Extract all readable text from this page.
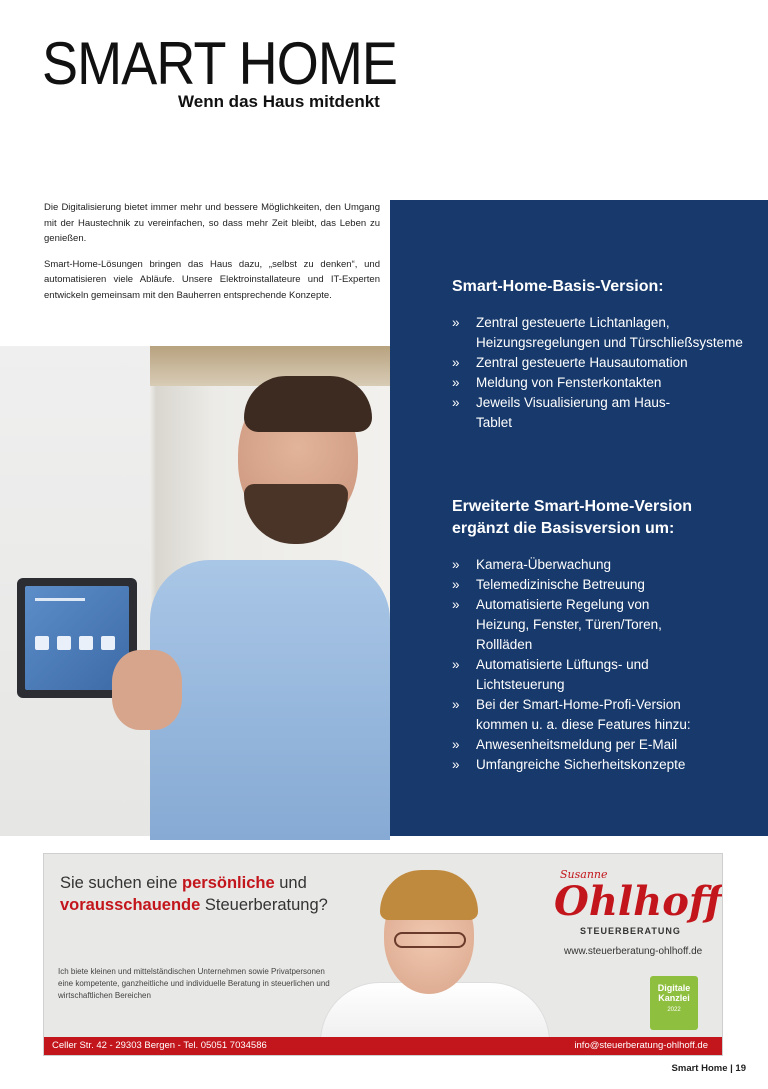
SMART HOME
Wenn das Haus mitdenkt

Die Digitalisierung bietet immer mehr und bessere Möglichkeiten, den Umgang mit der Haustechnik zu vereinfachen, so dass mehr Zeit bleibt, das Leben zu genießen.

Smart-Home-Lösungen bringen das Haus dazu, „selbst zu denken“, und automatisieren viele Abläufe. Unsere Elektroinstallateure und IT-Experten entwickeln gemeinsam mit den Bauherren entsprechende Konzepte.	Smart-Home-Basis-Version:
» Zentral gesteuerte Lichtanlagen, Heizungsregelungen und Türschließsysteme
» Zentral gesteuerte Hausautomation
» Meldung von Fensterkontakten
» Jeweils Visualisierung am Haus-Tablet
Erweiterte Smart-Home-Version
ergänzt die Basisversion um:
» Kamera-Überwachung
» Telemedizinische Betreuung
» Automatisierte Regelung von Heizung, Fenster, Türen/Toren, Rollläden
» Automatisierte Lüftungs- und Lichtsteuerung
» Bei der Smart-Home-Profi-Version kommen u. a. diese Features hinzu:
» Anwesenheitsmeldung per E-Mail
» Umfangreiche Sicherheitskonzepte
Sie suchen eine persönliche und
vorausschauende Steuerberatung?
Ich biete kleinen und mittelständischen Unternehmen sowie Privatpersonen eine kompetente, ganzheitliche und individuelle Beratung in steuerlichen und wirtschaftlichen Bereichen
Susanne
Ohlhoff
STEUERBERATUNG
www.steuerberatung-ohlhoff.de
Digitale
Kanzlei
2022
Celler Str. 42 - 29303 Bergen - Tel. 05051 7034586	info@steuerberatung-ohlhoff.de
Smart Home | 19
